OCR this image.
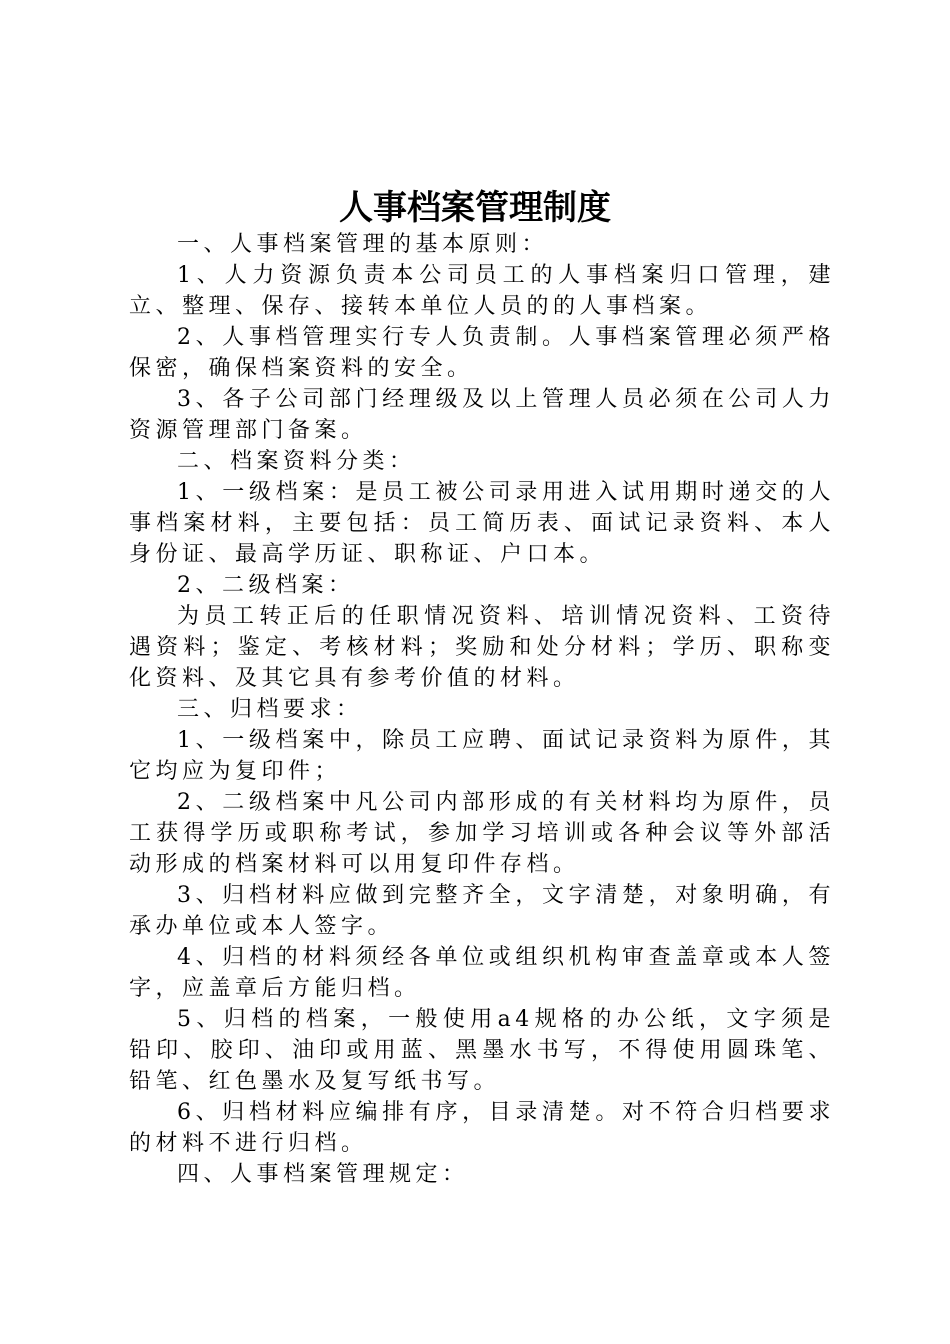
人事档案管理制度

一、人事档案管理的基本原则：

1、人力资源负责本公司员工的人事档案归口管理，建立、整理、保存、接转本单位人员的的人事档案。

2、人事档管理实行专人负责制。人事档案管理必须严格保密，确保档案资料的安全。

3、各子公司部门经理级及以上管理人员必须在公司人力资源管理部门备案。

二、档案资料分类：

1、一级档案：是员工被公司录用进入试用期时递交的人事档案材料，主要包括：员工简历表、面试记录资料、本人身份证、最高学历证、职称证、户口本。

2、二级档案：

为员工转正后的任职情况资料、培训情况资料、工资待遇资料；鉴定、考核材料；奖励和处分材料；学历、职称变化资料、及其它具有参考价值的材料。

三、归档要求：

1、一级档案中，除员工应聘、面试记录资料为原件，其它均应为复印件；

2、二级档案中凡公司内部形成的有关材料均为原件，员工获得学历或职称考试，参加学习培训或各种会议等外部活动形成的档案材料可以用复印件存档。

3、归档材料应做到完整齐全，文字清楚，对象明确，有承办单位或本人签字。

4、归档的材料须经各单位或组织机构审查盖章或本人签字，应盖章后方能归档。

5、归档的档案，一般使用a4规格的办公纸，文字须是铅印、胶印、油印或用蓝、黑墨水书写，不得使用圆珠笔、铅笔、红色墨水及复写纸书写。

6、归档材料应编排有序，目录清楚。对不符合归档要求的材料不进行归档。

四、人事档案管理规定：
